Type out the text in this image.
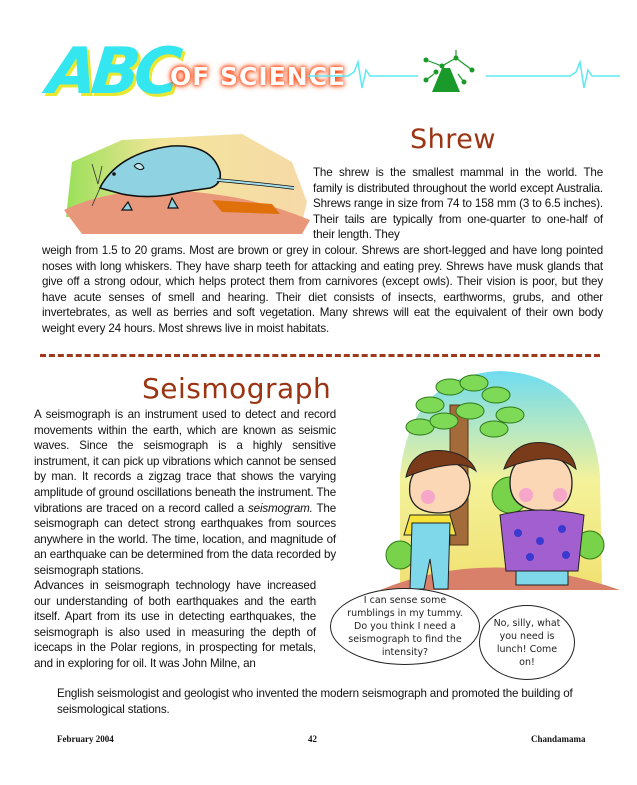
ABC
OF SCIENCE
Shrew
The shrew is the smallest mammal in the world. The family is distributed throughout the world except Australia. Shrews range in size from 74 to 158 mm (3 to 6.5 inches). Their tails are typically from one-quarter to one-half of their length. They
weigh from 1.5 to 20 grams. Most are brown or grey in colour. Shrews are short-legged and have long pointed noses with long whiskers. They have sharp teeth for attacking and eating prey. Shrews have musk glands that give off a strong odour, which helps protect them from carnivores (except owls). Their vision is poor, but they have acute senses of smell and hearing. Their diet consists of insects, earthworms, grubs, and other invertebrates, as well as berries and soft vegetation. Many shrews will eat the equivalent of their own body weight every 24 hours. Most shrews live in moist habitats.
Seismograph
A seismograph is an instrument used to detect and record movements within the earth, which are known as seismic waves. Since the seismograph is a highly sensitive instrument, it can pick up vibrations which cannot be sensed by man. It records a zigzag trace that shows the varying amplitude of ground oscillations beneath the instrument. The vibrations are traced on a record called a seismogram. The seismograph can detect strong earthquakes from sources anywhere in the world. The time, location, and magnitude of an earthquake can be determined from the data recorded by seismograph stations.
Advances in seismograph technology have increased our understanding of both earthquakes and the earth itself. Apart from its use in detecting earthquakes, the seismograph is also used in measuring the depth of icecaps in the Polar regions, in prospecting for metals, and in exploring for oil. It was John Milne, an
English seismologist and geologist who invented the modern seismograph and promoted the building of seismological stations.
I can sense some rumblings in my tummy. Do you think I need a seismograph to find the intensity?
No, silly, what you need is lunch! Come on!
February 2004	42	Chandamama
